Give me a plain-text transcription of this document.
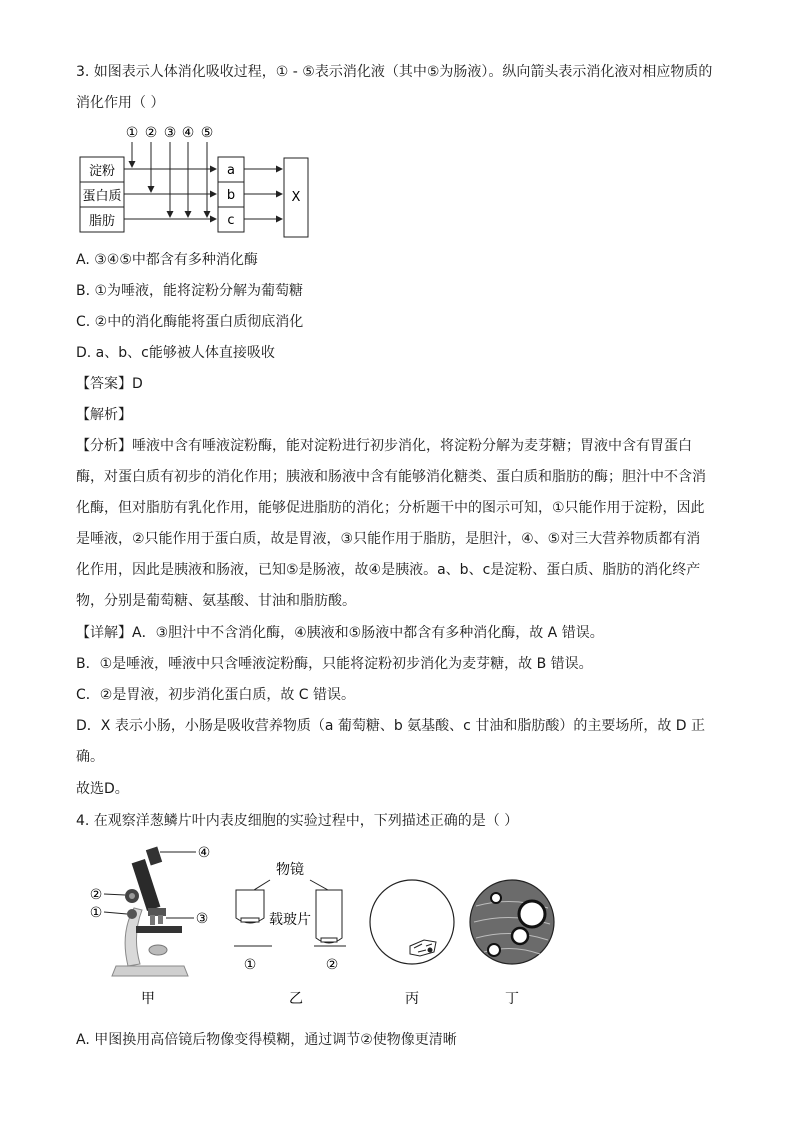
3. 如图表示人体消化吸收过程，① - ⑤表示消化液（其中⑤为肠液）。纵向箭头表示消化液对相应物质的
消化作用（ ）
① ② ③ ④ ⑤
淀粉
蛋白质
脂肪
a
b
c
X
A. ③④⑤中都含有多种消化酶
B. ①为唾液，能将淀粉分解为葡萄糖
C. ②中的消化酶能将蛋白质彻底消化
D. a、b、c能够被人体直接吸收
【答案】D
【解析】
【分析】唾液中含有唾液淀粉酶，能对淀粉进行初步消化，将淀粉分解为麦芽糖；胃液中含有胃蛋白
酶，对蛋白质有初步的消化作用；胰液和肠液中含有能够消化糖类、蛋白质和脂肪的酶；胆汁中不含消
化酶，但对脂肪有乳化作用，能够促进脂肪的消化；分析题干中的图示可知，①只能作用于淀粉，因此
是唾液，②只能作用于蛋白质，故是胃液，③只能作用于脂肪，是胆汁，④、⑤对三大营养物质都有消
化作用，因此是胰液和肠液，已知⑤是肠液，故④是胰液。a、b、c是淀粉、蛋白质、脂肪的消化终产
物，分别是葡萄糖、氨基酸、甘油和脂肪酸。
【详解】A．③胆汁中不含消化酶，④胰液和⑤肠液中都含有多种消化酶，故 A 错误。
B．①是唾液，唾液中只含唾液淀粉酶，只能将淀粉初步消化为麦芽糖，故 B 错误。
C．②是胃液，初步消化蛋白质，故 C 错误。
D．X 表示小肠，小肠是吸收营养物质（a 葡萄糖、b 氨基酸、c 甘油和脂肪酸）的主要场所，故 D 正
确。
故选D。
4. 在观察洋葱鳞片叶内表皮细胞的实验过程中，下列描述正确的是（ ）
④
②
①	③
甲
物镜
载玻片
①	②
乙	丙	丁
A. 甲图换用高倍镜后物像变得模糊，通过调节②使物像更清晰
